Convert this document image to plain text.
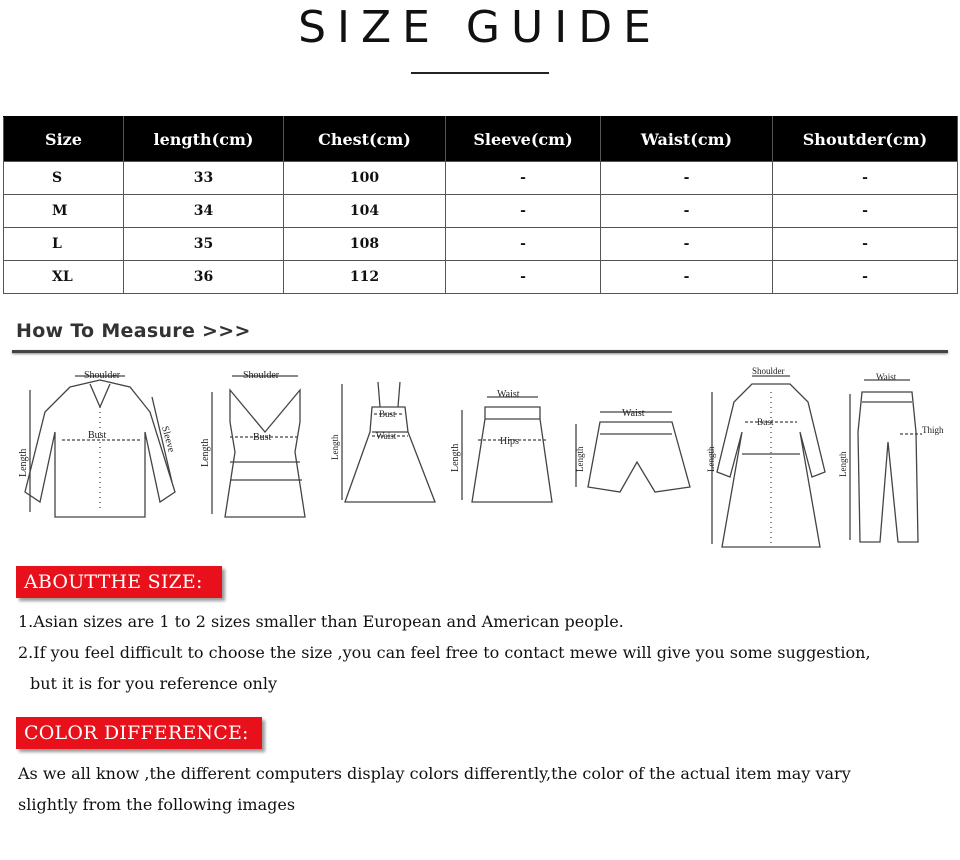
SIZE GUIDE
Size	length(cm)	Chest(cm)	Sleeve(cm)	Waist(cm)	Shoutder(cm)
S	33	100	-	-	-
M	34	104	-	-	-
L	35	108	-	-	-
XL	36	112	-	-	-
How To Measure >>>
Shoulder
Bust
Length
Sleeve
Shoulder
Bust
Length
Bust
Waist
Length
Waist
Hips
Length
Waist
Length
Shoulder
Bust
Length
Waist
Thigh
Length
ABOUTTHE SIZE:
1.Asian sizes are 1 to 2 sizes smaller than European and American people.
2.If you feel difficult to choose the size ,you can feel free to contact mewe will give you some suggestion,
but it is for you reference only
COLOR DIFFERENCE:
As we all know ,the different computers display colors differently,the color of the actual item may vary
slightly from the following images
